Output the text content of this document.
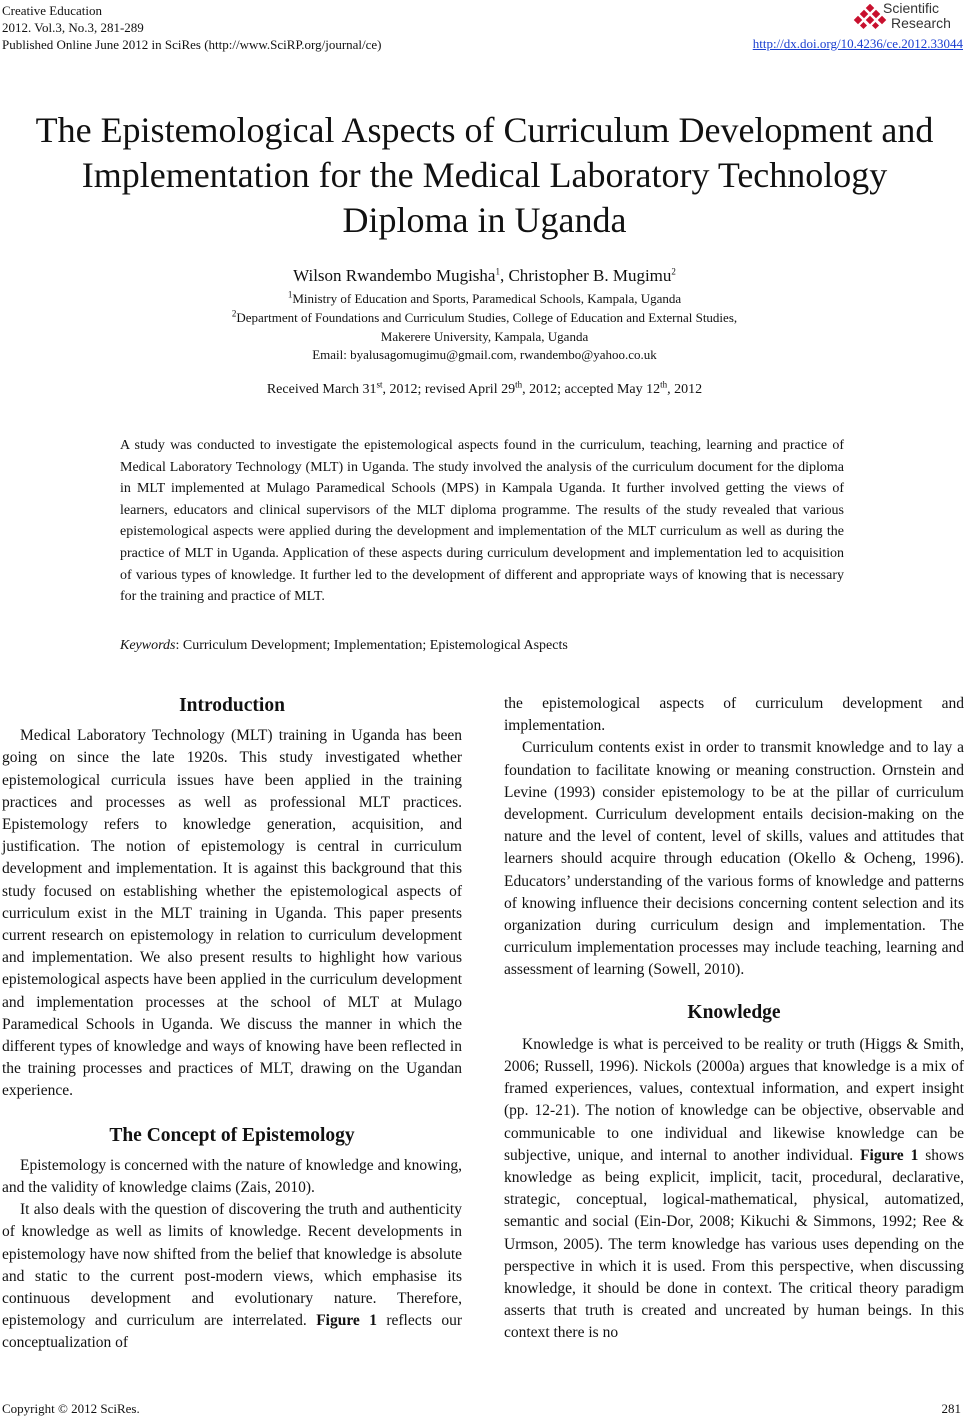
Creative Education
2012. Vol.3, No.3, 281-289
Published Online June 2012 in SciRes (http://www.SciRP.org/journal/ce)
Scientific
Research
http://dx.doi.org/10.4236/ce.2012.33044
The Epistemological Aspects of Curriculum Development and
Implementation for the Medical Laboratory Technology
Diploma in Uganda
Wilson Rwandembo Mugisha$^1$, Christopher B. Mugimu$^2$
$^1$Ministry of Education and Sports, Paramedical Schools, Kampala, Uganda
$^2$Department of Foundations and Curriculum Studies, College of Education and External Studies,
Makerere University, Kampala, Uganda
Email: byalusagomugimu@gmail.com, rwandembo@yahoo.co.uk
Received March 31st, 2012; revised April 29th, 2012; accepted May 12th, 2012
A study was conducted to investigate the epistemological aspects found in the curriculum, teaching, learning and practice of Medical Laboratory Technology (MLT) in Uganda. The study involved the analysis of the curriculum document for the diploma in MLT implemented at Mulago Paramedical Schools (MPS) in Kampala Uganda. It further involved getting the views of learners, educators and clinical supervisors of the MLT diploma programme. The results of the study revealed that various epistemological aspects were applied during the development and implementation of the MLT curriculum as well as during the practice of MLT in Uganda. Application of these aspects during curriculum development and implementation led to acquisition of various types of knowledge. It further led to the development of different and appropriate ways of knowing that is necessary for the training and practice of MLT.
Keywords: Curriculum Development; Implementation; Epistemological Aspects
Introduction

Medical Laboratory Technology (MLT) training in Uganda has been going on since the late 1920s. This study investigated whether epistemological curricula issues have been applied in the training practices and processes as well as professional MLT practices. Epistemology refers to knowledge generation, acquisition, and justification. The notion of epistemology is central in curriculum development and implementation. It is against this background that this study focused on establishing whether the epistemological aspects of curriculum exist in the MLT training in Uganda. This paper presents current research on epistemology in relation to curriculum development and implementation. We also present results to highlight how various epistemological aspects have been applied in the curriculum development and implementation processes at the school of MLT at Mulago Paramedical Schools in Uganda. We discuss the manner in which the different types of knowledge and ways of knowing have been reflected in the training processes and practices of MLT, drawing on the Ugandan experience.

The Concept of Epistemology

Epistemology is concerned with the nature of knowledge and knowing, and the validity of knowledge claims (Zais, 2010).

It also deals with the question of discovering the truth and authenticity of knowledge as well as limits of knowledge. Recent developments in epistemology have now shifted from the belief that knowledge is absolute and static to the current post-modern views, which emphasise its continuous development and evolutionary nature. Therefore, epistemology and curriculum are interrelated. Figure 1 reflects our conceptualization of

the epistemological aspects of curriculum development and implementation.

Curriculum contents exist in order to transmit knowledge and to lay a foundation to facilitate knowing or meaning construction. Ornstein and Levine (1993) consider epistemology to be at the pillar of curriculum development. Curriculum development entails decision-making on the nature and the level of content, level of skills, values and attitudes that learners should acquire through education (Okello & Ocheng, 1996). Educators’ understanding of the various forms of knowledge and patterns of knowing influence their decisions concerning content selection and its organization during curriculum design and implementation. The curriculum implementation processes may include teaching, learning and assessment of learning (Sowell, 2010).

Knowledge

Knowledge is what is perceived to be reality or truth (Higgs & Smith, 2006; Russell, 1996). Nickols (2000a) argues that knowledge is a mix of framed experiences, values, contextual information, and expert insight (pp. 12-21). The notion of knowledge can be objective, observable and communicable to one individual and likewise knowledge can be subjective, unique, and internal to another individual. Figure 1 shows knowledge as being explicit, implicit, tacit, procedural, declarative, strategic, conceptual, logical-mathematical, physical, automatized, semantic and social (Ein-Dor, 2008; Kikuchi & Simmons, 1992; Ree & Urmson, 2005). The term knowledge has various uses depending on the perspective in which it is used. From this perspective, when discussing knowledge, it should be done in context. The critical theory paradigm asserts that truth is created and uncreated by human beings. In this context there is no

Copyright © 2012 SciRes.	281
